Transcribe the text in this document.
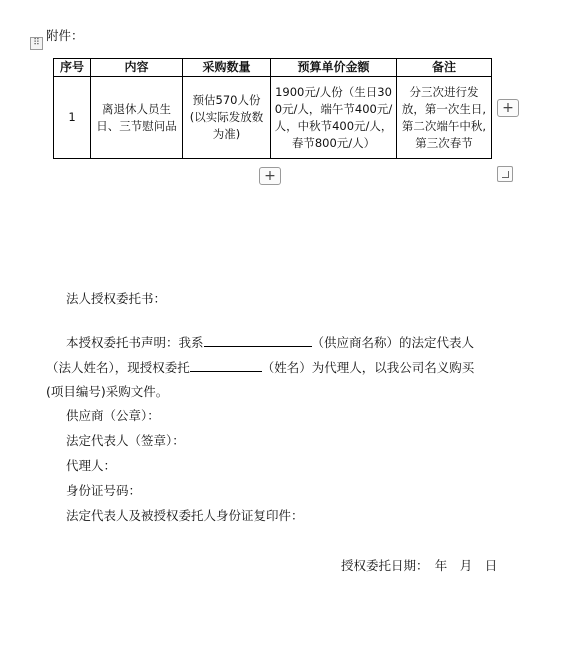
⠿ 附件：
序号	内容	采购数量	预算单价金额	备注
1	离退休人员生日、三节慰问品	预估570人份(以实际发放数为准)	1900元/人份（生日300元/人，端午节400元/人，中秋节400元/人，春节800元/人）	分三次进行发放，第一次生日,第二次端午中秋,第三次春节
+
+
法人授权委托书：
本授权委托书声明：我系	（供应商名称）的法定代表人
（法人姓名），现授权委托	（姓名）为代理人，以我公司名义购买
(项目编号)采购文件。
供应商（公章）：
法定代表人（签章）：
代理人：
身份证号码：
法定代表人及被授权委托人身份证复印件：
授权委托日期：　年　月　日
